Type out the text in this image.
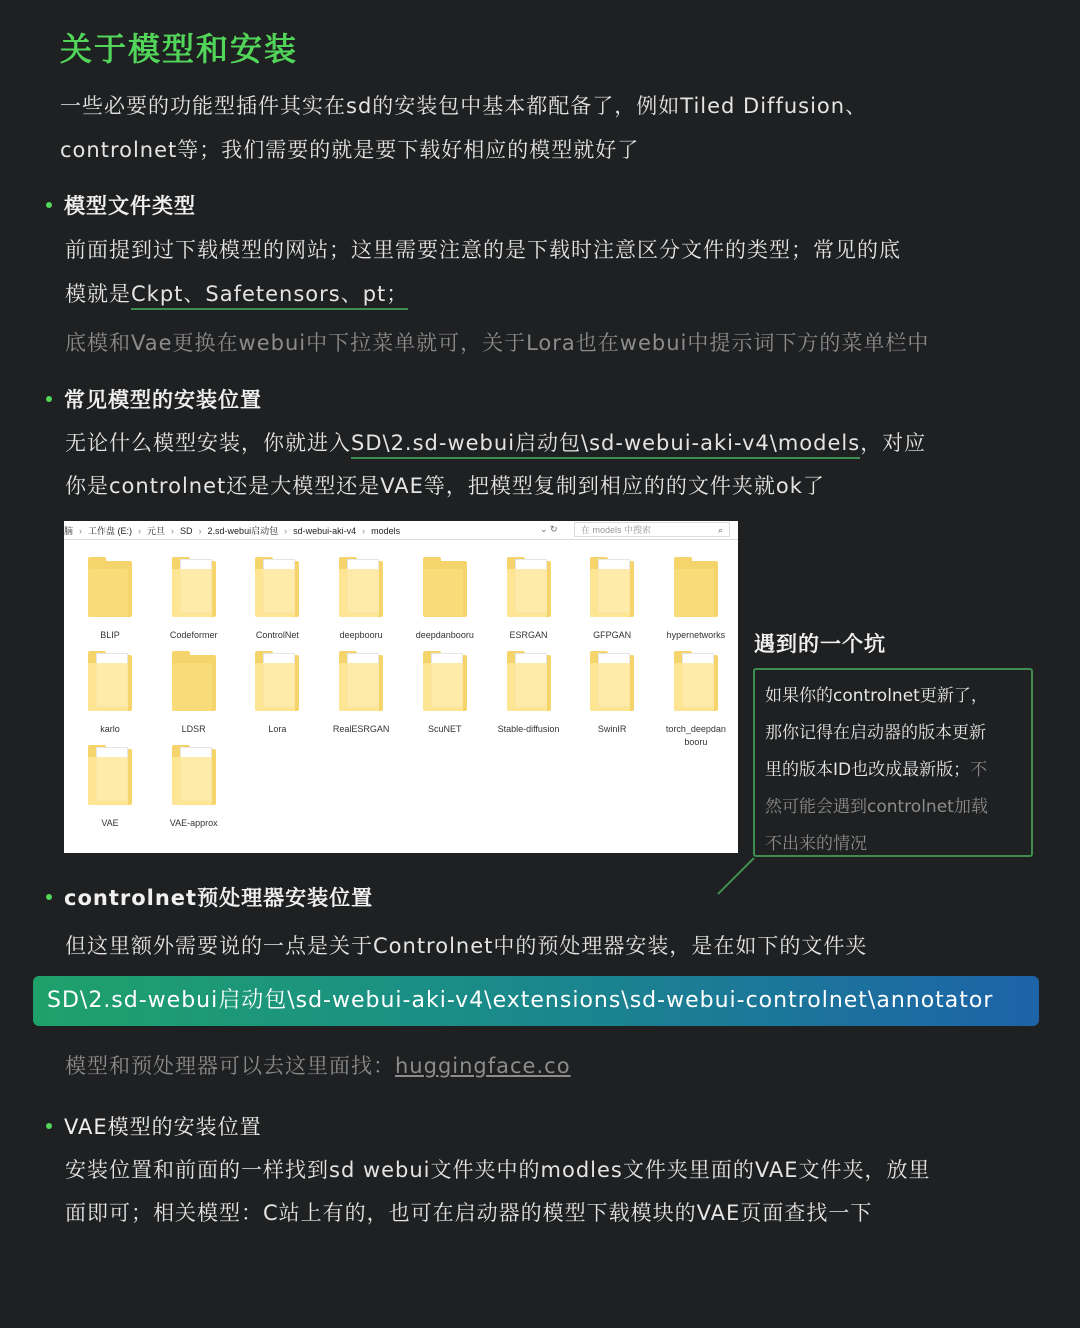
关于模型和安装
一些必要的功能型插件其实在sd的安装包中基本都配备了，例如Tiled Diffusion、
controlnet等；我们需要的就是要下载好相应的模型就好了
模型文件类型
前面提到过下载模型的网站；这里需要注意的是下载时注意区分文件的类型；常见的底
模就是Ckpt、Safetensors、pt；
底模和Vae更换在webui中下拉菜单就可，关于Lora也在webui中提示词下方的菜单栏中
常见模型的安装位置
无论什么模型安装，你就进入SD\2.sd-webui启动包\sd-webui-aki-v4\models，对应
你是controlnet还是大模型还是VAE等，把模型复制到相应的的文件夹就ok了
脑 › 工作盘 (E:) › 元旦 › SD › 2.sd-webui启动包 › sd-webui-aki-v4 › models	⌄ ↻	在 models 中搜索	⌕
BLIP	Codeformer	ControlNet	deepbooru	deepdanbooru	ESRGAN	GFPGAN	hypernetworks
karlo	LDSR	Lora	RealESRGAN	ScuNET	Stable-diffusion	SwinIR	torch_deepdan booru
VAE	VAE-approx
遇到的一个坑
如果你的controlnet更新了，
那你记得在启动器的版本更新
里的版本ID也改成最新版；不
然可能会遇到controlnet加载
不出来的情况
controlnet预处理器安装位置
但这里额外需要说的一点是关于Controlnet中的预处理器安装，是在如下的文件夹
SD\2.sd-webui启动包\sd-webui-aki-v4\extensions\sd-webui-controlnet\annotator
模型和预处理器可以去这里面找：huggingface.co
VAE模型的安装位置
安装位置和前面的一样找到sd webui文件夹中的modles文件夹里面的VAE文件夹，放里
面即可；相关模型：C站上有的，也可在启动器的模型下载模块的VAE页面查找一下
